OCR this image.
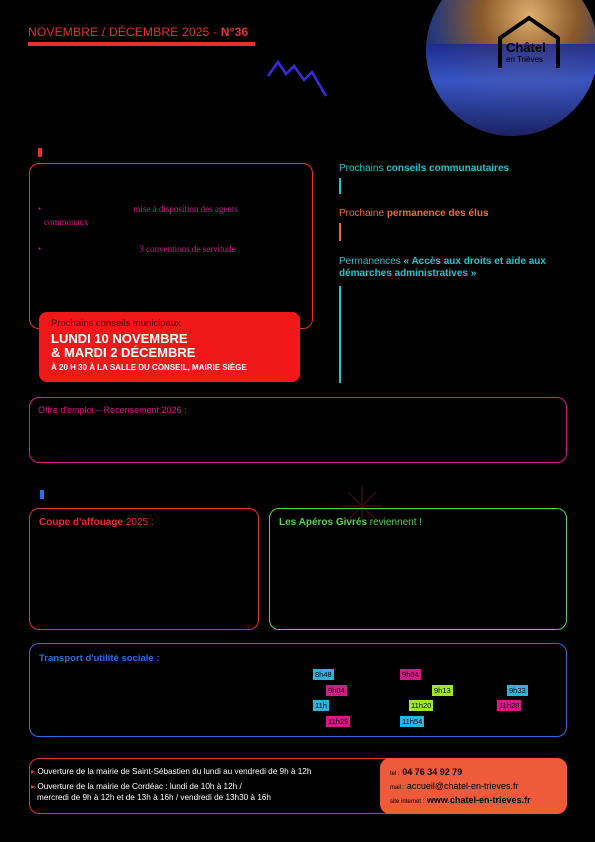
NOVEMBRE / DÉCEMBRE 2025 - N°36
Châtel
en Trièves
•	mise à disposition des agents
communaux
•	3 conventions de servitude
Prochains conseils municipaux
LUNDI 10 NOVEMBRE
& MARDI 2 DÉCEMBRE
À 20 H 30 À LA SALLE DU CONSEIL, MAIRIE SIÈGE
Prochains conseils communautaires
Prochaine permanence des élus
Permanences « Accès aux droits et aide aux démarches administratives »
Offre d'emploi – Recensement 2026 :
Coupe d'affouage 2025 :	Les Apéros Givrés reviennent !
Transport d'utilité sociale :
8h48	9h04
9h04	9h13	9h33
11h	11h20	11h28
11h29	11h54
▸ Ouverture de la mairie de Saint-Sébastien du lundi au vendredi de 9h à 12h
▸ Ouverture de la mairie de Cordéac : lundi de 10h à 12h /
mercredi de 9h à 12h et de 13h à 16h / vendredi de 13h30 à 16h
tel : 04 76 34 92 79
mail : accueil@chatel-en-trieves.fr
site internet : www.chatel-en-trieves.fr
